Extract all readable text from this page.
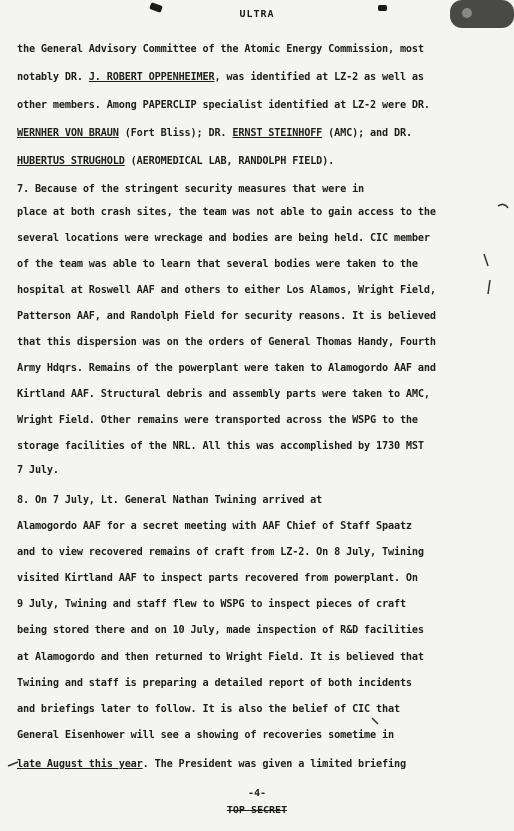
ULTRA
the General Advisory Committee of the Atomic Energy Commission, most
notably DR. J. ROBERT OPPENHEIMER, was identified at LZ-2 as well as
other members. Among PAPERCLIP specialist identified at LZ-2 were DR.
WERNHER VON BRAUN (Fort Bliss); DR. ERNST STEINHOFF (AMC); and DR.
HUBERTUS STRUGHOLD (AEROMEDICAL LAB, RANDOLPH FIELD).
7. Because of the stringent security measures that were in
place at both crash sites, the team was not able to gain access to the
several locations were wreckage and bodies are being held. CIC member
of the team was able to learn that several bodies were taken to the
hospital at Roswell AAF and others to either Los Alamos, Wright Field,
Patterson AAF, and Randolph Field for security reasons. It is believed
that this dispersion was on the orders of General Thomas Handy, Fourth
Army Hdqrs. Remains of the powerplant were taken to Alamogordo AAF and
Kirtland AAF. Structural debris and assembly parts were taken to AMC,
Wright Field. Other remains were transported across the WSPG to the
storage facilities of the NRL. All this was accomplished by 1730 MST
7 July.
8. On 7 July, Lt. General Nathan Twining arrived at
Alamogordo AAF for a secret meeting with AAF Chief of Staff Spaatz
and to view recovered remains of craft from LZ-2. On 8 July, Twining
visited Kirtland AAF to inspect parts recovered from powerplant. On
9 July, Twining and staff flew to WSPG to inspect pieces of craft
being stored there and on 10 July, made inspection of R&D facilities
at Alamogordo and then returned to Wright Field. It is believed that
Twining and staff is preparing a detailed report of both incidents
and briefings later to follow. It is also the belief of CIC that
General Eisenhower will see a showing of recoveries sometime in
late August this year. The President was given a limited briefing
-4-
TOP SECRET
